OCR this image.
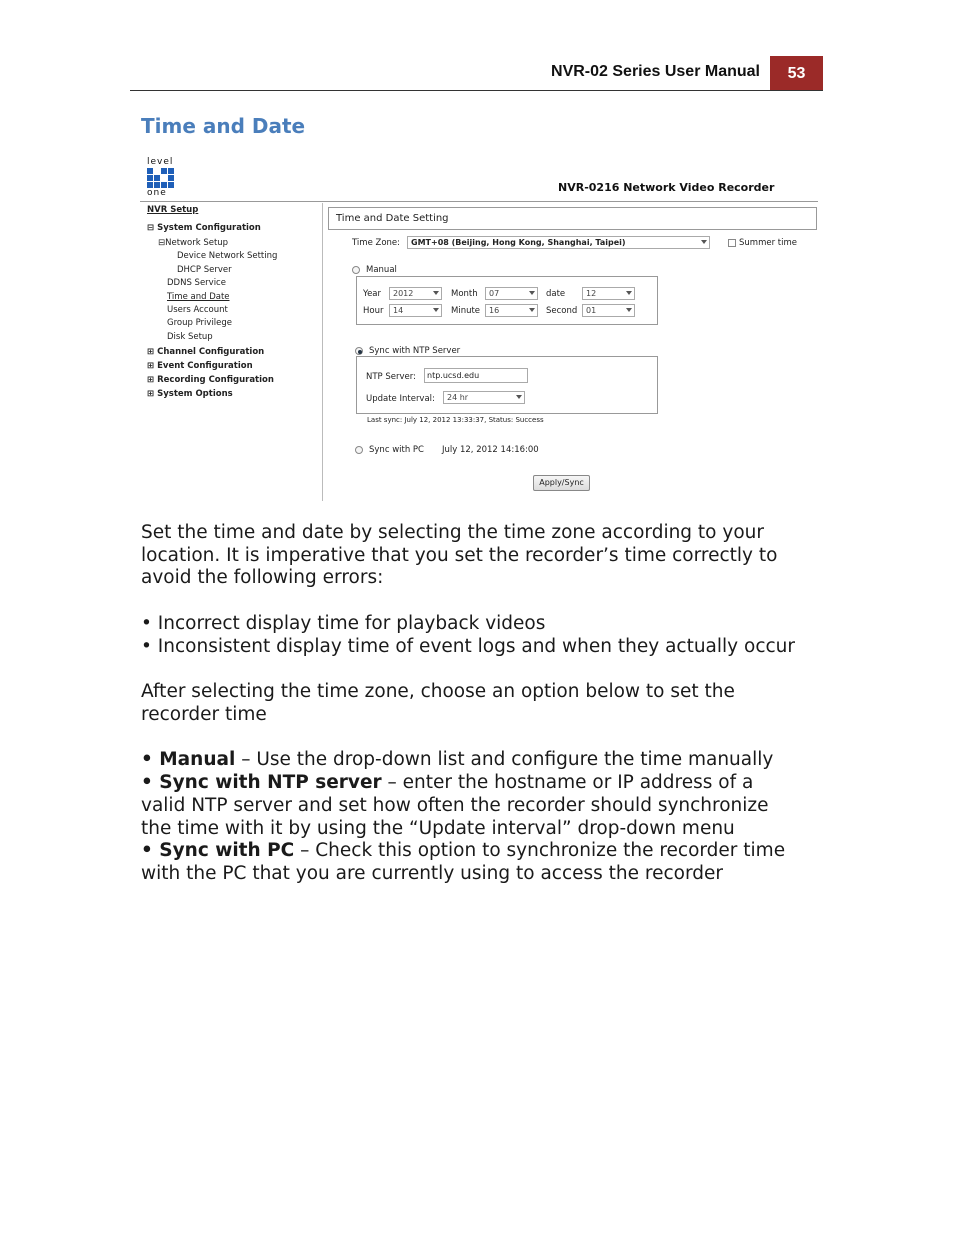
NVR-02 Series User Manual	53
Time and Date
level
one	NVR-0216 Network Video Recorder
NVR Setup
⊟ System Configuration
⊟Network Setup
Device Network Setting
DHCP Server
DDNS Service
Time and Date
Users Account
Group Privilege
Disk Setup
⊞ Channel Configuration
⊞ Event Configuration
⊞ Recording Configuration
⊞ System Options
Time and Date Setting
Time Zone:	GMT+08 (Beijing, Hong Kong, Shanghai, Taipei)	Summer time
Manual
Year	2012	Month	07	date	12
Hour	14	Minute	16	Second	01
Sync with NTP Server
NTP Server:	ntp.ucsd.edu
Update Interval:	24 hr
Last sync: July 12, 2012 13:33:37, Status: Success
Sync with PC July 12, 2012 14:16:00
Apply/Sync
Set the time and date by selecting the time zone according to your
location. It is imperative that you set the recorder’s time correctly to
avoid the following errors:
• Incorrect display time for playback videos
• Inconsistent display time of event logs and when they actually occur
After selecting the time zone, choose an option below to set the
recorder time
• Manual – Use the drop-down list and configure the time manually
• Sync with NTP server – enter the hostname or IP address of a
valid NTP server and set how often the recorder should synchronize
the time with it by using the “Update interval” drop-down menu
• Sync with PC – Check this option to synchronize the recorder time
with the PC that you are currently using to access the recorder
